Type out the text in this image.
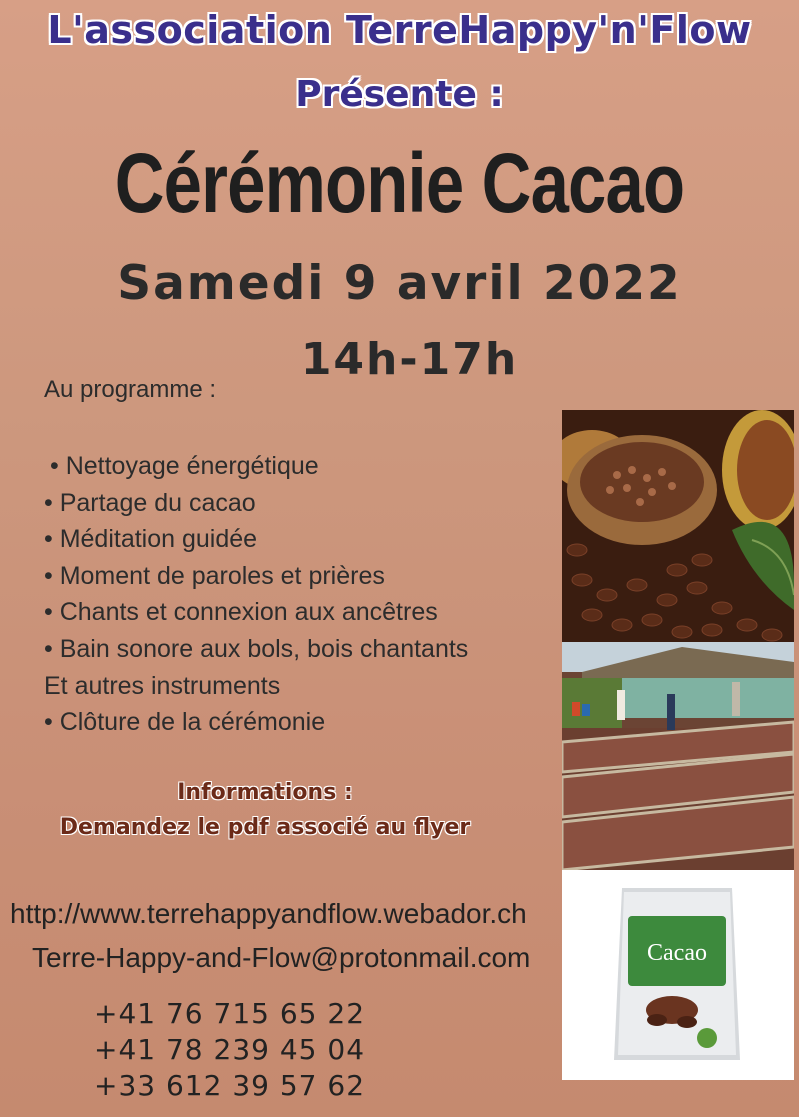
L'association TerreHappy'n'Flow
Présente :
Cérémonie Cacao
Samedi 9 avril 2022
14h-17h
Au programme :
• Nettoyage énergétique
• Partage du cacao
• Méditation guidée
• Moment de paroles et prières
• Chants et connexion aux ancêtres
• Bain sonore aux bols, bois chantants
Et autres instruments
• Clôture de la cérémonie
Informations :
Demandez le pdf associé au flyer
http://www.terrehappyandflow.webador.ch
Terre-Happy-and-Flow@protonmail.com
+41 76 715 65 22
+41 78 239 45 04
+33 612 39 57 62
Cacao
